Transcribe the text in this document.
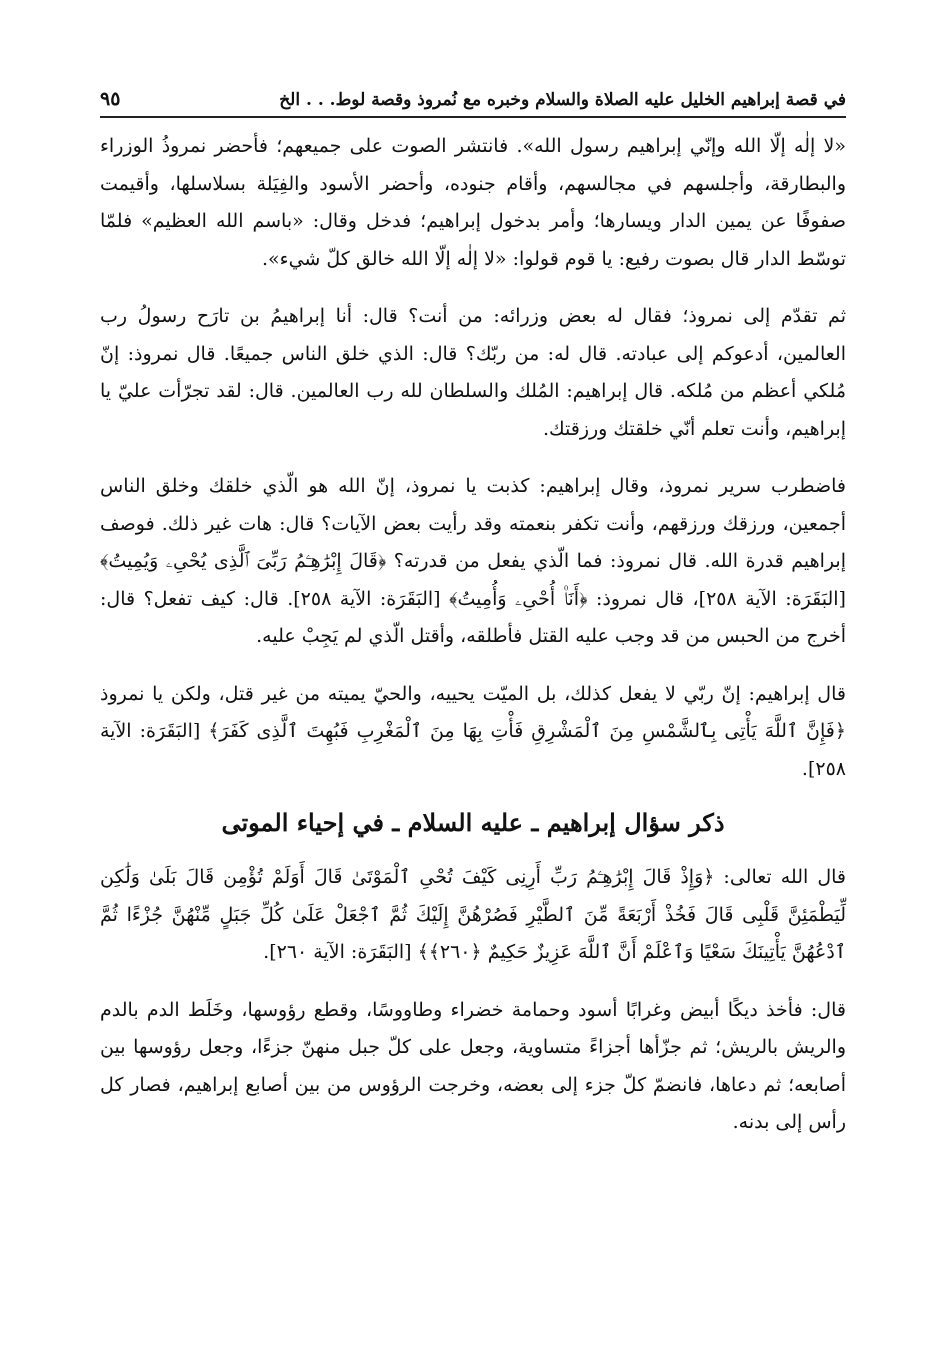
في قصة إبراهيم الخليل عليه الصلاة والسلام وخبره مع نُمروذ وقصة لوط. . . الخ
٩٥

«لا إلٰه إلّا الله وإنّي إبراهيم رسول الله». فانتشر الصوت على جميعهم؛ فأحضر نمروذُ الوزراء والبطارقة، وأجلسهم في مجالسهم، وأقام جنوده، وأحضر الأسود والفِيَلة بسلاسلها، وأقيمت صفوفًا عن يمين الدار ويسارها؛ وأمر بدخول إبراهيم؛ فدخل وقال: «باسم الله العظيم» فلمّا توسّط الدار قال بصوت رفيع: يا قوم قولوا: «لا إلٰه إلّا الله خالق كلّ شيء».

ثم تقدّم إلى نمروذ؛ فقال له بعض وزرائه: من أنت؟ قال: أنا إبراهيمُ بن تارَح رسولُ رب العالمين، أدعوكم إلى عبادته. قال له: من ربّك؟ قال: الذي خلق الناس جميعًا. قال نمروذ: إنّ مُلكي أعظم من مُلكه. قال إبراهيم: المُلك والسلطان لله رب العالمين. قال: لقد تجرّأت عليّ يا إبراهيم، وأنت تعلم أنّي خلقتك ورزقتك.

فاضطرب سرير نمروذ، وقال إبراهيم: كذبت يا نمروذ، إنّ الله هو الّذي خلقك وخلق الناس أجمعين، ورزقك ورزقهم، وأنت تكفر بنعمته وقد رأيت بعض الآيات؟ قال: هات غير ذلك. فوصف إبراهيم قدرة الله. قال نمروذ: فما الّذي يفعل من قدرته؟ ﴿قَالَ إِبْرَٰهِـۧمُ رَبِّىَ ٱلَّذِى يُحْىِۦ وَيُمِيتُ﴾ [البَقَرَة: الآية ٢٥٨]، قال نمروذ: ﴿أَنَا۠ أُحْىِۦ وَأُمِيتُ﴾ [البَقَرَة: الآية ٢٥٨]. قال: كيف تفعل؟ قال: أخرج من الحبس من قد وجب عليه القتل فأطلقه، وأقتل الّذي لم يَجِبْ عليه.

قال إبراهيم: إنّ ربّي لا يفعل كذلك، بل الميّت يحييه، والحيّ يميته من غير قتل، ولكن يا نمروذ ﴿فَإِنَّ ٱللَّهَ يَأْتِى بِٱلشَّمْسِ مِنَ ٱلْمَشْرِقِ فَأْتِ بِهَا مِنَ ٱلْمَغْرِبِ فَبُهِتَ ٱلَّذِى كَفَرَ﴾ [البَقَرَة: الآية ٢٥٨].

ذكر سؤال إبراهيم ـ عليه السلام ـ في إحياء الموتى

قال الله تعالى: ﴿وَإِذْ قَالَ إِبْرَٰهِـۧمُ رَبِّ أَرِنِى كَيْفَ تُحْىِ ٱلْمَوْتَىٰ قَالَ أَوَلَمْ تُؤْمِن قَالَ بَلَىٰ وَلَٰكِن لِّيَطْمَئِنَّ قَلْبِى قَالَ فَخُذْ أَرْبَعَةً مِّنَ ٱلطَّيْرِ فَصُرْهُنَّ إِلَيْكَ ثُمَّ ٱجْعَلْ عَلَىٰ كُلِّ جَبَلٍ مِّنْهُنَّ جُزْءًا ثُمَّ ٱدْعُهُنَّ يَأْتِينَكَ سَعْيًا وَٱعْلَمْ أَنَّ ٱللَّهَ عَزِيزٌ حَكِيمٌ ﴿٢٦٠﴾﴾ [البَقَرَة: الآية ٢٦٠].

قال: فأخذ ديكًا أبيض وغرابًا أسود وحمامة خضراء وطاووسًا، وقطع رؤوسها، وخَلَط الدم بالدم والريش بالريش؛ ثم جزّأها أجزاءً متساوية، وجعل على كلّ جبل منهنّ جزءًا، وجعل رؤوسها بين أصابعه؛ ثم دعاها، فانضمّ كلّ جزء إلى بعضه، وخرجت الرؤوس من بين أصابع إبراهيم، فصار كل رأس إلى بدنه.
